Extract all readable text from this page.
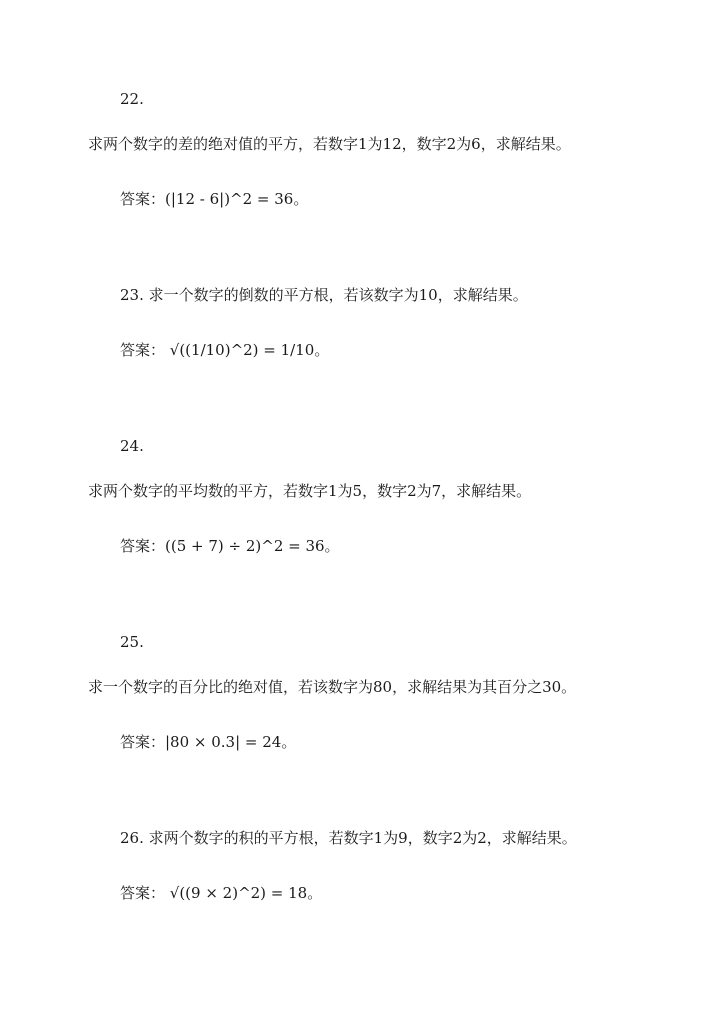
22.
求两个数字的差的绝对值的平方，若数字1为12，数字2为6，求解结果。
答案：(|12 - 6|)^2 = 36。
23. 求一个数字的倒数的平方根，若该数字为10，求解结果。
答案： √((1/10)^2) = 1/10。
24.
求两个数字的平均数的平方，若数字1为5，数字2为7，求解结果。
答案：((5 + 7) ÷ 2)^2 = 36。
25.
求一个数字的百分比的绝对值，若该数字为80，求解结果为其百分之30。
答案：|80 × 0.3| = 24。
26. 求两个数字的积的平方根，若数字1为9，数字2为2，求解结果。
答案： √((9 × 2)^2) = 18。
